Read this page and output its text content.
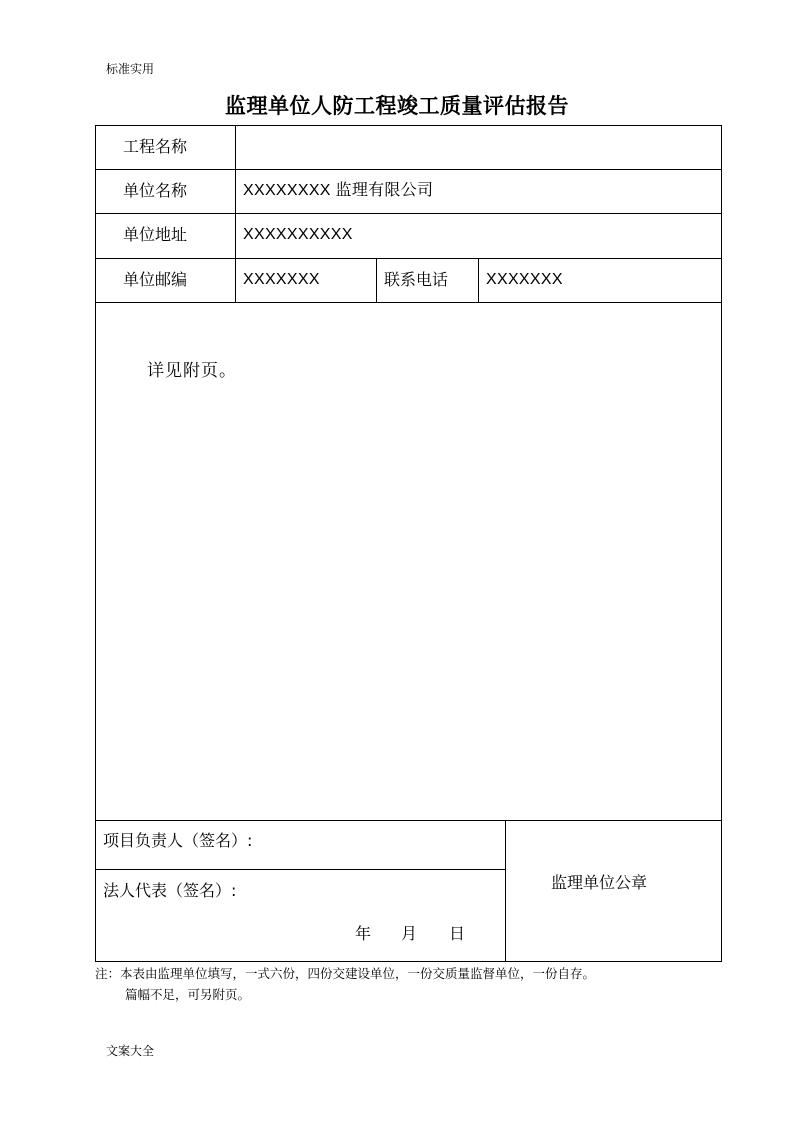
标准实用
监理单位人防工程竣工质量评估报告
工程名称
单位名称	XXXXXXXX 监理有限公司
单位地址	XXXXXXXXXX
单位邮编	XXXXXXX	联系电话 XXXXXXX
详见附页。
项目负责人（签名）:
法人代表（签名）:
年 月 日
监理单位公章
注：本表由监理单位填写，一式六份，四份交建设单位，一份交质量监督单位，一份自存。
篇幅不足，可另附页。
文案大全
